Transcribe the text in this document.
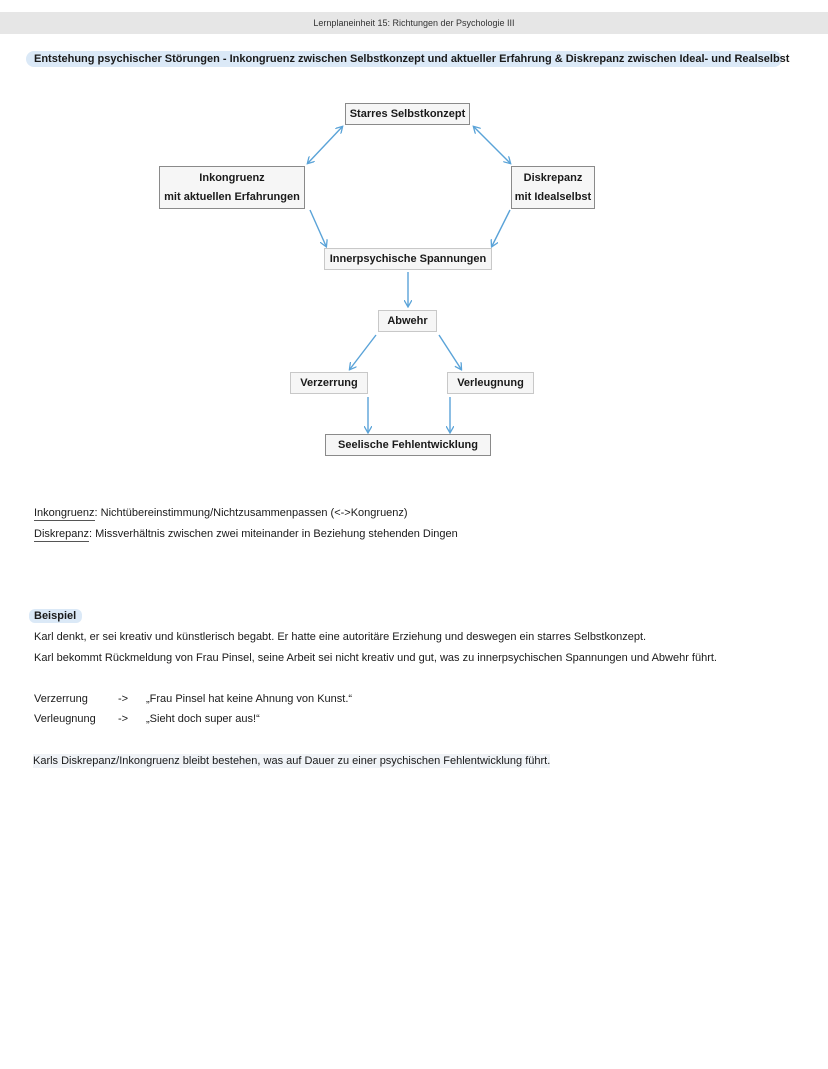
Lernplaneinheit 15: Richtungen der Psychologie III
Entstehung psychischer Störungen - Inkongruenz zwischen Selbstkonzept und aktueller Erfahrung & Diskrepanz zwischen Ideal- und Realselbst
Starres Selbstkonzept
Inkongruenz
mit aktuellen Erfahrungen
Diskrepanz
mit Idealselbst
Innerpsychische Spannungen
Abwehr
Verzerrung	Verleugnung
Seelische Fehlentwicklung
Inkongruenz: Nichtübereinstimmung/Nichtzusammenpassen (<->Kongruenz)
Diskrepanz: Missverhältnis zwischen zwei miteinander in Beziehung stehenden Dingen
Beispiel
Karl denkt, er sei kreativ und künstlerisch begabt. Er hatte eine autoritäre Erziehung und deswegen ein starres Selbstkonzept.
Karl bekommt Rückmeldung von Frau Pinsel, seine Arbeit sei nicht kreativ und gut, was zu innerpsychischen Spannungen und Abwehr führt.
Verzerrung	-> „Frau Pinsel hat keine Ahnung von Kunst.“
Verleugnung -> „Sieht doch super aus!“
Karls Diskrepanz/Inkongruenz bleibt bestehen, was auf Dauer zu einer psychischen Fehlentwicklung führt.
